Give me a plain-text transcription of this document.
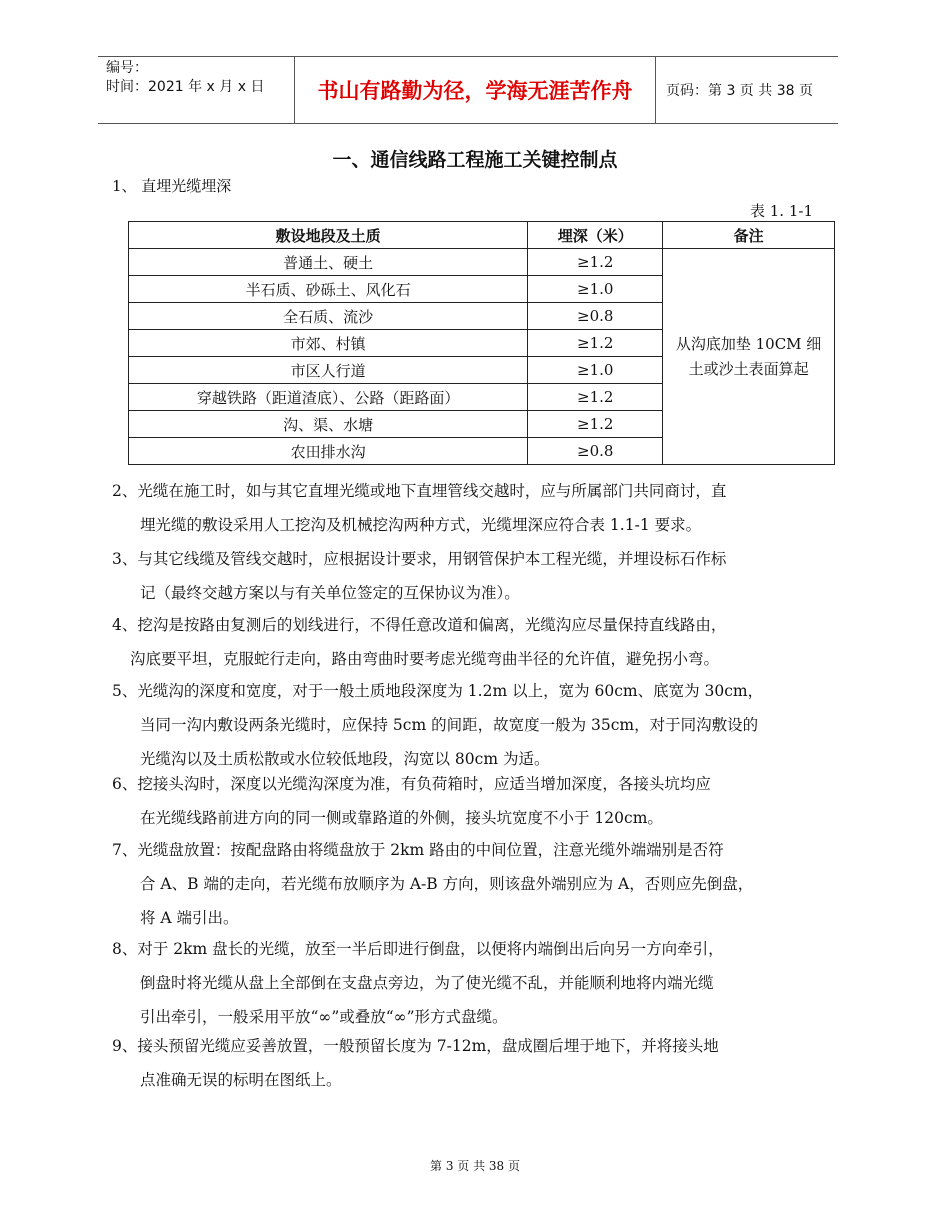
编号：
时间：2021 年 x 月 x 日	书山有路勤为径，学海无涯苦作舟	页码：第 3 页 共 38 页
一、通信线路工程施工关键控制点
1、 直埋光缆埋深
表 1. 1-1
敷设地段及土质	埋深（米）	备注
普通土、硬土	≥1.2	从沟底加垫 10CM 细土或沙土表面算起
半石质、砂砾土、风化石	≥1.0	
全石质、流沙	≥0.8	
市郊、村镇	≥1.2	
市区人行道	≥1.0	
穿越铁路（距道渣底）、公路（距路面）	≥1.2	
沟、渠、水塘	≥1.2	
农田排水沟	≥0.8	
2、光缆在施工时，如与其它直埋光缆或地下直埋管线交越时，应与所属部门共同商讨，直
埋光缆的敷设采用人工挖沟及机械挖沟两种方式，光缆埋深应符合表 1.1-1 要求。
3、与其它线缆及管线交越时，应根据设计要求，用钢管保护本工程光缆，并埋设标石作标
记（最终交越方案以与有关单位签定的互保协议为准）。
4、挖沟是按路由复测后的划线进行，不得任意改道和偏离，光缆沟应尽量保持直线路由，
沟底要平坦，克服蛇行走向，路由弯曲时要考虑光缆弯曲半径的允许值，避免拐小弯。
5、光缆沟的深度和宽度，对于一般土质地段深度为 1.2m 以上，宽为 60cm、底宽为 30cm，
当同一沟内敷设两条光缆时，应保持 5cm 的间距，故宽度一般为 35cm，对于同沟敷设的
光缆沟以及土质松散或水位较低地段，沟宽以 80cm 为适。
6、挖接头沟时，深度以光缆沟深度为准，有负荷箱时，应适当增加深度，各接头坑均应
在光缆线路前进方向的同一侧或靠路道的外侧，接头坑宽度不小于 120cm。
7、光缆盘放置：按配盘路由将缆盘放于 2km 路由的中间位置，注意光缆外端端别是否符
合 A、B 端的走向，若光缆布放顺序为 A-B 方向，则该盘外端别应为 A，否则应先倒盘，
将 A 端引出。
8、对于 2km 盘长的光缆，放至一半后即进行倒盘，以便将内端倒出后向另一方向牵引，
倒盘时将光缆从盘上全部倒在支盘点旁边，为了使光缆不乱，并能顺利地将内端光缆
引出牵引，一般采用平放“∞”或叠放“∞”形方式盘缆。
9、接头预留光缆应妥善放置，一般预留长度为 7-12m，盘成圈后埋于地下，并将接头地
点准确无误的标明在图纸上。
第 3 页 共 38 页
